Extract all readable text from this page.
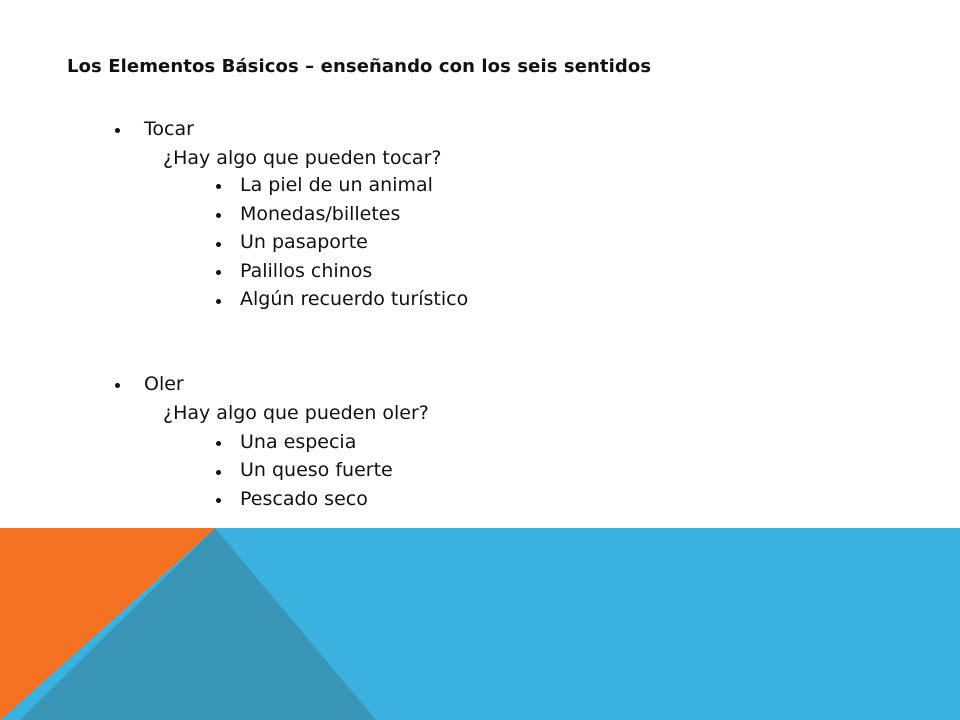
Los Elementos Básicos – enseñando con los seis sentidos
Tocar
¿Hay algo que pueden tocar?
La piel de un animal
Monedas/billetes
Un pasaporte
Palillos chinos
Algún recuerdo turístico
Oler
¿Hay algo que pueden oler?
Una especia
Un queso fuerte
Pescado seco
